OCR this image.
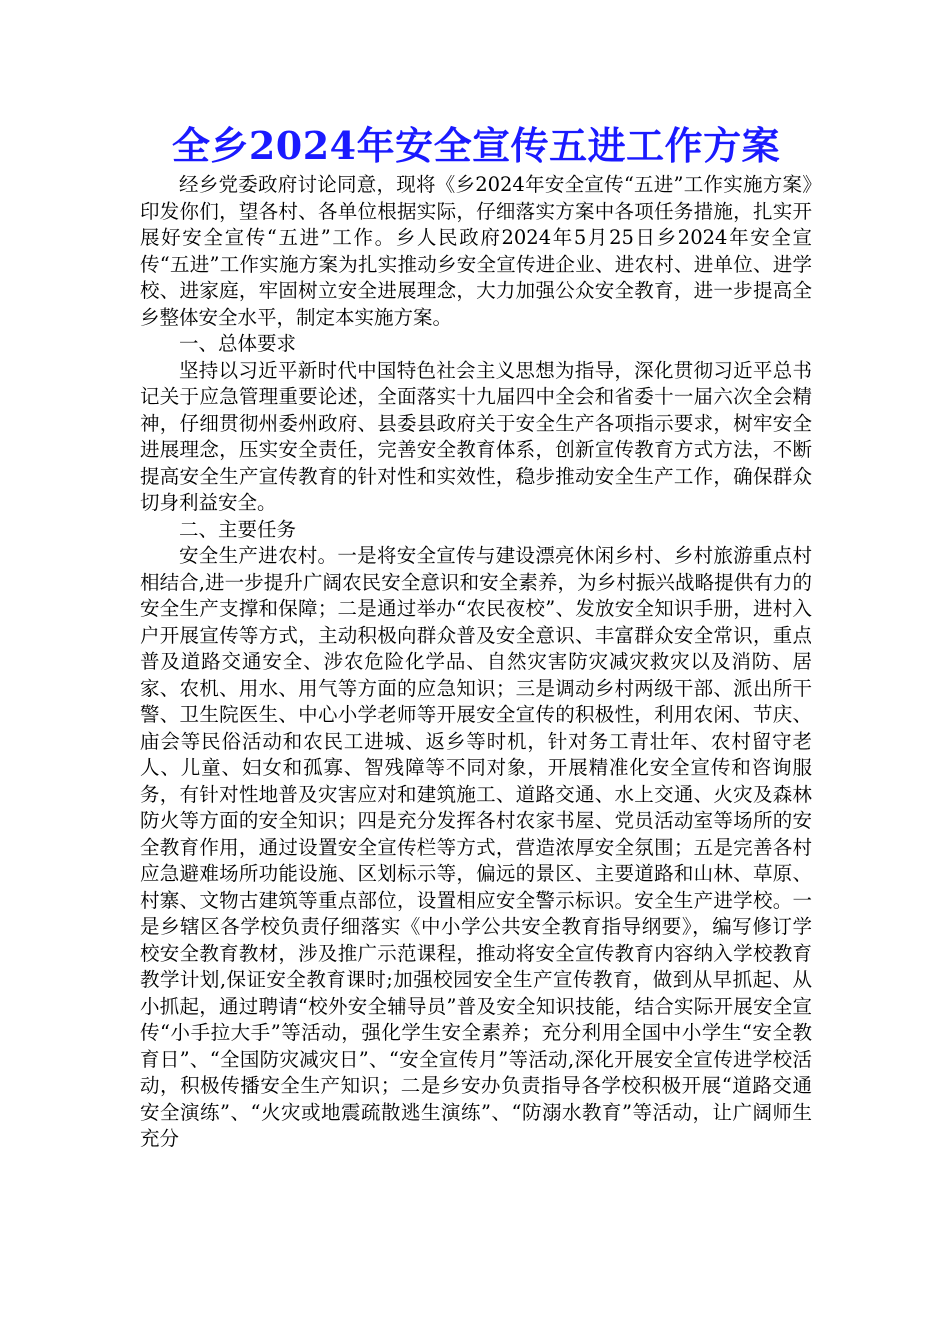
全乡2024年安全宣传五进工作方案

经乡党委政府讨论同意，现将《乡2024年安全宣传“五进”工作实施方案》印发你们，望各村、各单位根据实际，仔细落实方案中各项任务措施，扎实开展好安全宣传“五进”工作。乡人民政府2024年5月25日乡2024年安全宣传“五进”工作实施方案为扎实推动乡安全宣传进企业、进农村、进单位、进学校、进家庭，牢固树立安全进展理念，大力加强公众安全教育，进一步提高全乡整体安全水平，制定本实施方案。

一、总体要求

坚持以习近平新时代中国特色社会主义思想为指导，深化贯彻习近平总书记关于应急管理重要论述，全面落实十九届四中全会和省委十一届六次全会精神，仔细贯彻州委州政府、县委县政府关于安全生产各项指示要求，树牢安全进展理念，压实安全责任，完善安全教育体系，创新宣传教育方式方法，不断提高安全生产宣传教育的针对性和实效性，稳步推动安全生产工作，确保群众切身利益安全。

二、主要任务

安全生产进农村。一是将安全宣传与建设漂亮休闲乡村、乡村旅游重点村相结合,进一步提升广阔农民安全意识和安全素养，为乡村振兴战略提供有力的安全生产支撑和保障；二是通过举办“农民夜校”、发放安全知识手册，进村入户开展宣传等方式，主动积极向群众普及安全意识、丰富群众安全常识，重点普及道路交通安全、涉农危险化学品、自然灾害防灾减灾救灾以及消防、居家、农机、用水、用气等方面的应急知识；三是调动乡村两级干部、派出所干警、卫生院医生、中心小学老师等开展安全宣传的积极性，利用农闲、节庆、庙会等民俗活动和农民工进城、返乡等时机，针对务工青壮年、农村留守老人、儿童、妇女和孤寡、智残障等不同对象，开展精准化安全宣传和咨询服务，有针对性地普及灾害应对和建筑施工、道路交通、水上交通、火灾及森林防火等方面的安全知识；四是充分发挥各村农家书屋、党员活动室等场所的安全教育作用，通过设置安全宣传栏等方式，营造浓厚安全氛围；五是完善各村应急避难场所功能设施、区划标示等，偏远的景区、主要道路和山林、草原、村寨、文物古建筑等重点部位，设置相应安全警示标识。安全生产进学校。一是乡辖区各学校负责仔细落实《中小学公共安全教育指导纲要》，编写修订学校安全教育教材，涉及推广示范课程，推动将安全宣传教育内容纳入学校教育教学计划,保证安全教育课时;加强校园安全生产宣传教育，做到从早抓起、从小抓起，通过聘请“校外安全辅导员”普及安全知识技能，结合实际开展安全宣传“小手拉大手”等活动，强化学生安全素养；充分利用全国中小学生“安全教育日”、“全国防灾减灾日”、“安全宣传月”等活动,深化开展安全宣传进学校活动，积极传播安全生产知识；二是乡安办负责指导各学校积极开展“道路交通安全演练”、“火灾或地震疏散逃生演练”、“防溺水教育”等活动，让广阔师生充分
